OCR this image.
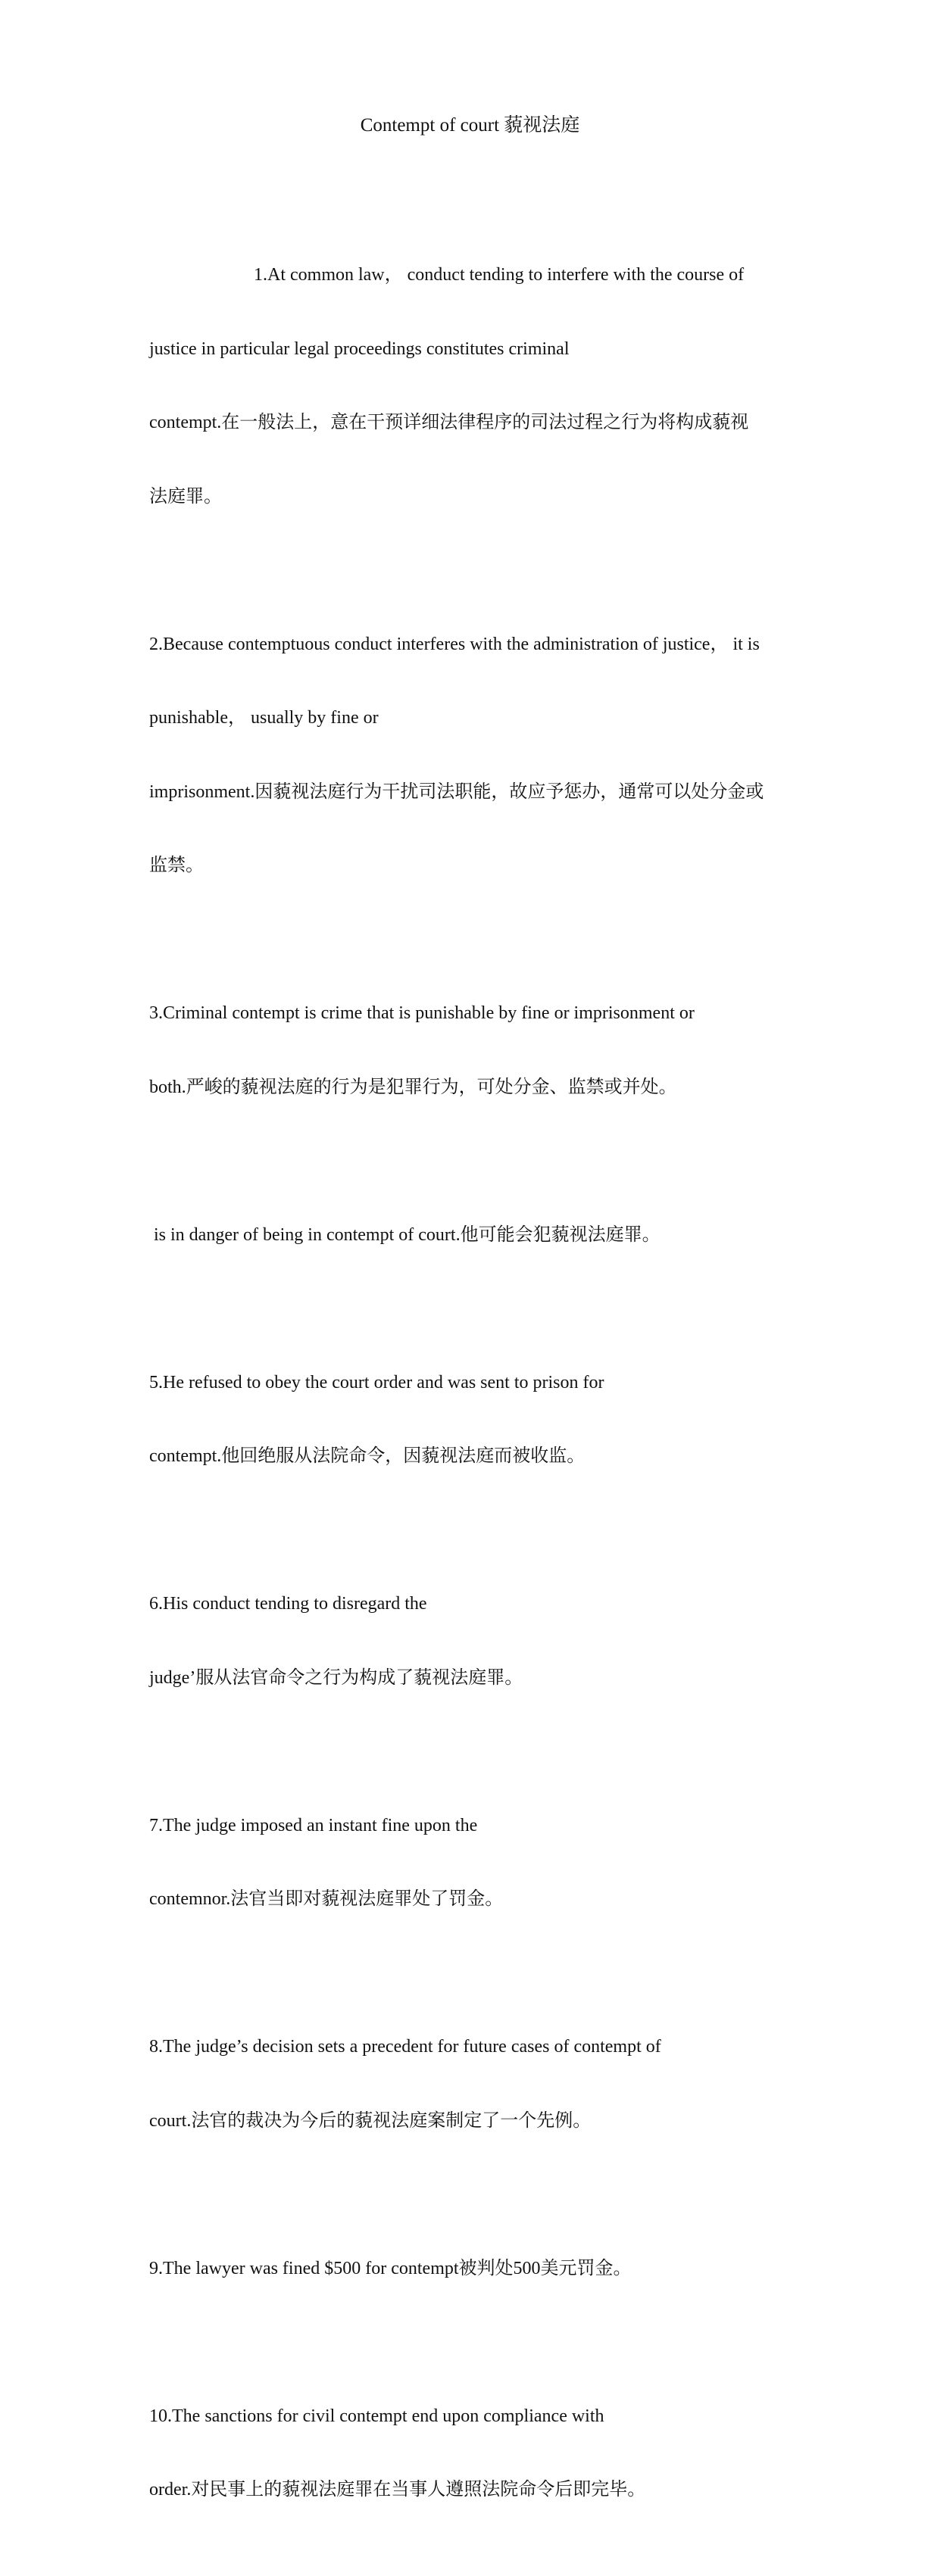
Contempt of court 藐视法庭

1.At common law， conduct tending to interfere with the course of

justice in particular legal proceedings constitutes criminal

contempt.在一般法上，意在干预详细法律程序的司法过程之行为将构成藐视

法庭罪。

2.Because contemptuous conduct interferes with the administration of justice， it is

punishable， usually by fine or

imprisonment.因藐视法庭行为干扰司法职能，故应予惩办，通常可以处分金或

监禁。

3.Criminal contempt is crime that is punishable by fine or imprisonment or

both.严峻的藐视法庭的行为是犯罪行为，可处分金、监禁或并处。

is in danger of being in contempt of court.他可能会犯藐视法庭罪。

5.He refused to obey the court order and was sent to prison for

contempt.他回绝服从法院命令，因藐视法庭而被收监。

6.His conduct tending to disregard the

judge’服从法官命令之行为构成了藐视法庭罪。

7.The judge imposed an instant fine upon the

contemnor.法官当即对藐视法庭罪处了罚金。

8.The judge’s decision sets a precedent for future cases of contempt of

court.法官的裁决为今后的藐视法庭案制定了一个先例。

9.The lawyer was fined $500 for contempt被判处500美元罚金。

10.The sanctions for civil contempt end upon compliance with

order.对民事上的藐视法庭罪在当事人遵照法院命令后即完毕。
